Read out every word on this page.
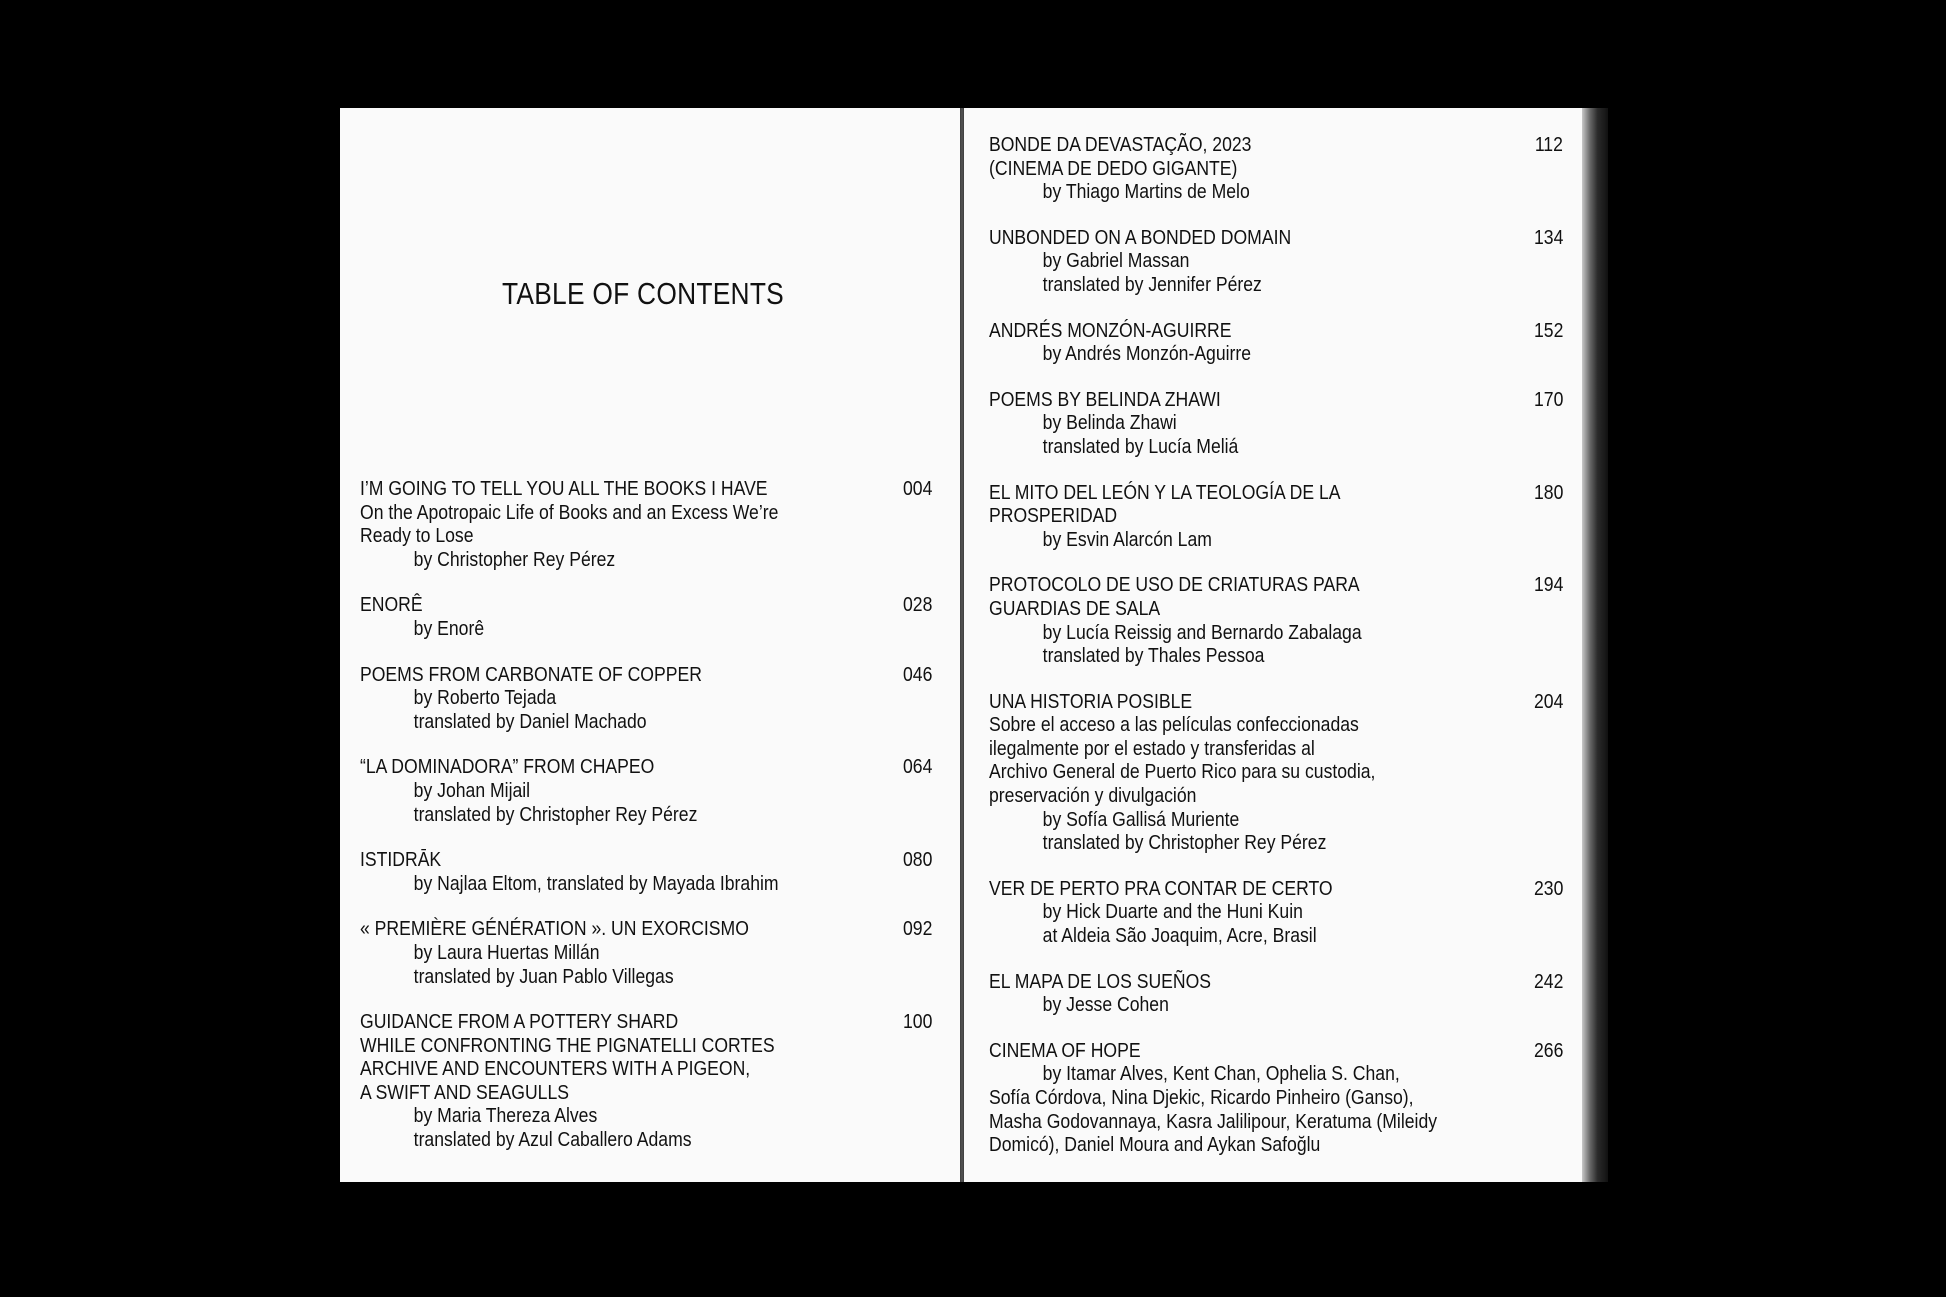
TABLE OF CONTENTS
I’M GOING TO TELL YOU ALL THE BOOKS I HAVE
On the Apotropaic Life of Books and an Excess We’re
Ready to Lose
by Christopher Rey Pérez
004
ENORÊ
by Enorê
028
POEMS FROM CARBONATE OF COPPER
by Roberto Tejada
translated by Daniel Machado
046
“LA DOMINADORA” FROM CHAPEO
by Johan Mijail
translated by Christopher Rey Pérez
064
ISTIDRĀK
by Najlaa Eltom, translated by Mayada Ibrahim
080
« PREMIÈRE GÉNÉRATION ». UN EXORCISMO
by Laura Huertas Millán
translated by Juan Pablo Villegas
092
GUIDANCE FROM A POTTERY SHARD
WHILE CONFRONTING THE PIGNATELLI CORTES
ARCHIVE AND ENCOUNTERS WITH A PIGEON,
A SWIFT AND SEAGULLS
by Maria Thereza Alves
translated by Azul Caballero Adams
100
BONDE DA DEVASTAÇÃO, 2023
(CINEMA DE DEDO GIGANTE)
by Thiago Martins de Melo
112
UNBONDED ON A BONDED DOMAIN
by Gabriel Massan
translated by Jennifer Pérez
134
ANDRÉS MONZÓN-AGUIRRE
by Andrés Monzón-Aguirre
152
POEMS BY BELINDA ZHAWI
by Belinda Zhawi
translated by Lucía Meliá
170
EL MITO DEL LEÓN Y LA TEOLOGÍA DE LA
PROSPERIDAD
by Esvin Alarcón Lam
180
PROTOCOLO DE USO DE CRIATURAS PARA
GUARDIAS DE SALA
by Lucía Reissig and Bernardo Zabalaga
translated by Thales Pessoa
194
UNA HISTORIA POSIBLE
Sobre el acceso a las películas confeccionadas
ilegalmente por el estado y transferidas al
Archivo General de Puerto Rico para su custodia,
preservación y divulgación
by Sofía Gallisá Muriente
translated by Christopher Rey Pérez
204
VER DE PERTO PRA CONTAR DE CERTO
by Hick Duarte and the Huni Kuin
at Aldeia São Joaquim, Acre, Brasil
230
EL MAPA DE LOS SUEÑOS
by Jesse Cohen
242
CINEMA OF HOPE
by Itamar Alves, Kent Chan, Ophelia S. Chan,
Sofía Córdova, Nina Djekic, Ricardo Pinheiro (Ganso),
Masha Godovannaya, Kasra Jalilipour, Keratuma (Mileidy
Domicó), Daniel Moura and Aykan Safoğlu
266
